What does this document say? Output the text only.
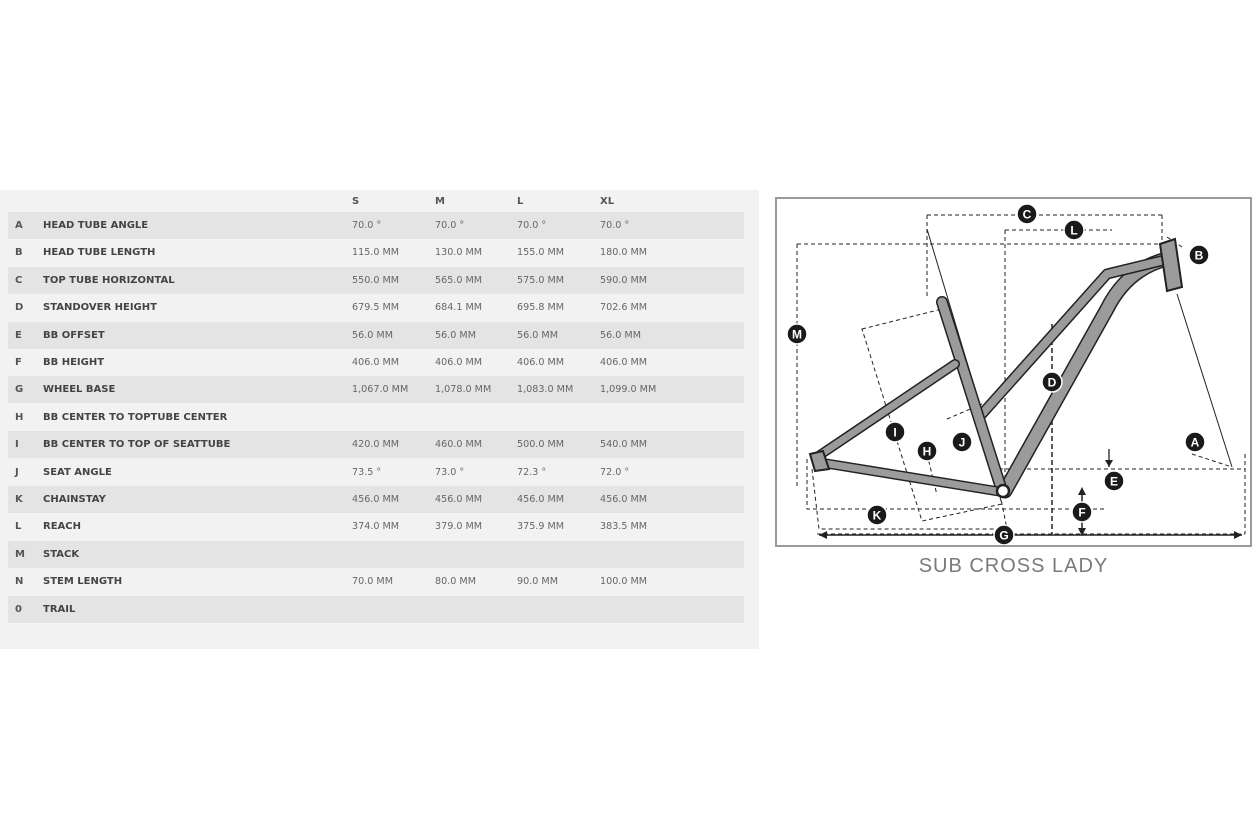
S	M	L	XL
A HEAD TUBE ANGLE	70.0 °	70.0 °	70.0 °	70.0 °
B HEAD TUBE LENGTH	115.0 MM	130.0 MM	155.0 MM	180.0 MM
C TOP TUBE HORIZONTAL	550.0 MM	565.0 MM	575.0 MM	590.0 MM
D STANDOVER HEIGHT	679.5 MM	684.1 MM	695.8 MM	702.6 MM
E BB OFFSET	56.0 MM	56.0 MM	56.0 MM	56.0 MM
F BB HEIGHT	406.0 MM	406.0 MM	406.0 MM	406.0 MM
G WHEEL BASE	1,067.0 MM	1,078.0 MM	1,083.0 MM	1,099.0 MM
H BB CENTER TO TOPTUBE CENTER
I BB CENTER TO TOP OF SEATTUBE	420.0 MM	460.0 MM	500.0 MM	540.0 MM
J SEAT ANGLE	73.5 °	73.0 °	72.3 °	72.0 °
K CHAINSTAY	456.0 MM	456.0 MM	456.0 MM	456.0 MM
L REACH	374.0 MM	379.0 MM	375.9 MM	383.5 MM
M STACK
N STEM LENGTH	70.0 MM	80.0 MM	90.0 MM	100.0 MM
0 TRAIL
C
L
B
M
D
A
I
H
J
E
F
K
G
SUB CROSS LADY
